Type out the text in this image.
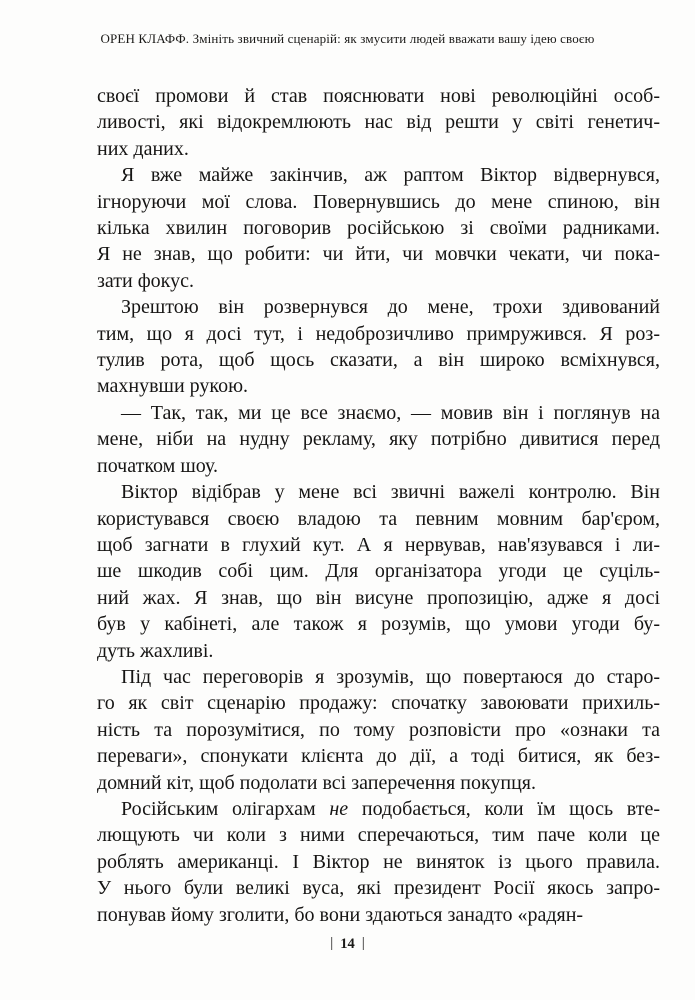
ОРЕН КЛАФФ. Змініть звичний сценарій: як змусити людей вважати вашу ідею своєю
своєї промови й став пояснювати нові революційні особ-
ливості, які відокремлюють нас від решти у світі генетич-
них даних.
Я вже майже закінчив, аж раптом Віктор відвернувся,
ігноруючи мої слова. Повернувшись до мене спиною, він
кілька хвилин поговорив російською зі своїми радниками.
Я не знав, що робити: чи йти, чи мовчки чекати, чи пока-
зати фокус.
Зрештою він розвернувся до мене, трохи здивований
тим, що я досі тут, і недоброзичливо примружився. Я роз-
тулив рота, щоб щось сказати, а він широко всміхнувся,
махнувши рукою.
— Так, так, ми це все знаємо, — мовив він і поглянув на
мене, ніби на нудну рекламу, яку потрібно дивитися перед
початком шоу.
Віктор відібрав у мене всі звичні важелі контролю. Він
користувався своєю владою та певним мовним бар'єром,
щоб загнати в глухий кут. А я нервував, нав'язувався і ли-
ше шкодив собі цим. Для організатора угоди це суціль-
ний жах. Я знав, що він висуне пропозицію, адже я досі
був у кабінеті, але також я розумів, що умови угоди бу-
дуть жахливі.
Під час переговорів я зрозумів, що повертаюся до старо-
го як світ сценарію продажу: спочатку завоювати прихиль-
ність та порозумітися, по тому розповісти про «ознаки та
переваги», спонукати клієнта до дії, а тоді битися, як без-
домний кіт, щоб подолати всі заперечення покупця.
Російським олігархам не подобається, коли їм щось вте-
лющують чи коли з ними сперечаються, тим паче коли це
роблять американці. І Віктор не виняток із цього правила.
У нього були великі вуса, які президент Росії якось запро-
понував йому зголити, бо вони здаються занадто «радян-
| 14 |
